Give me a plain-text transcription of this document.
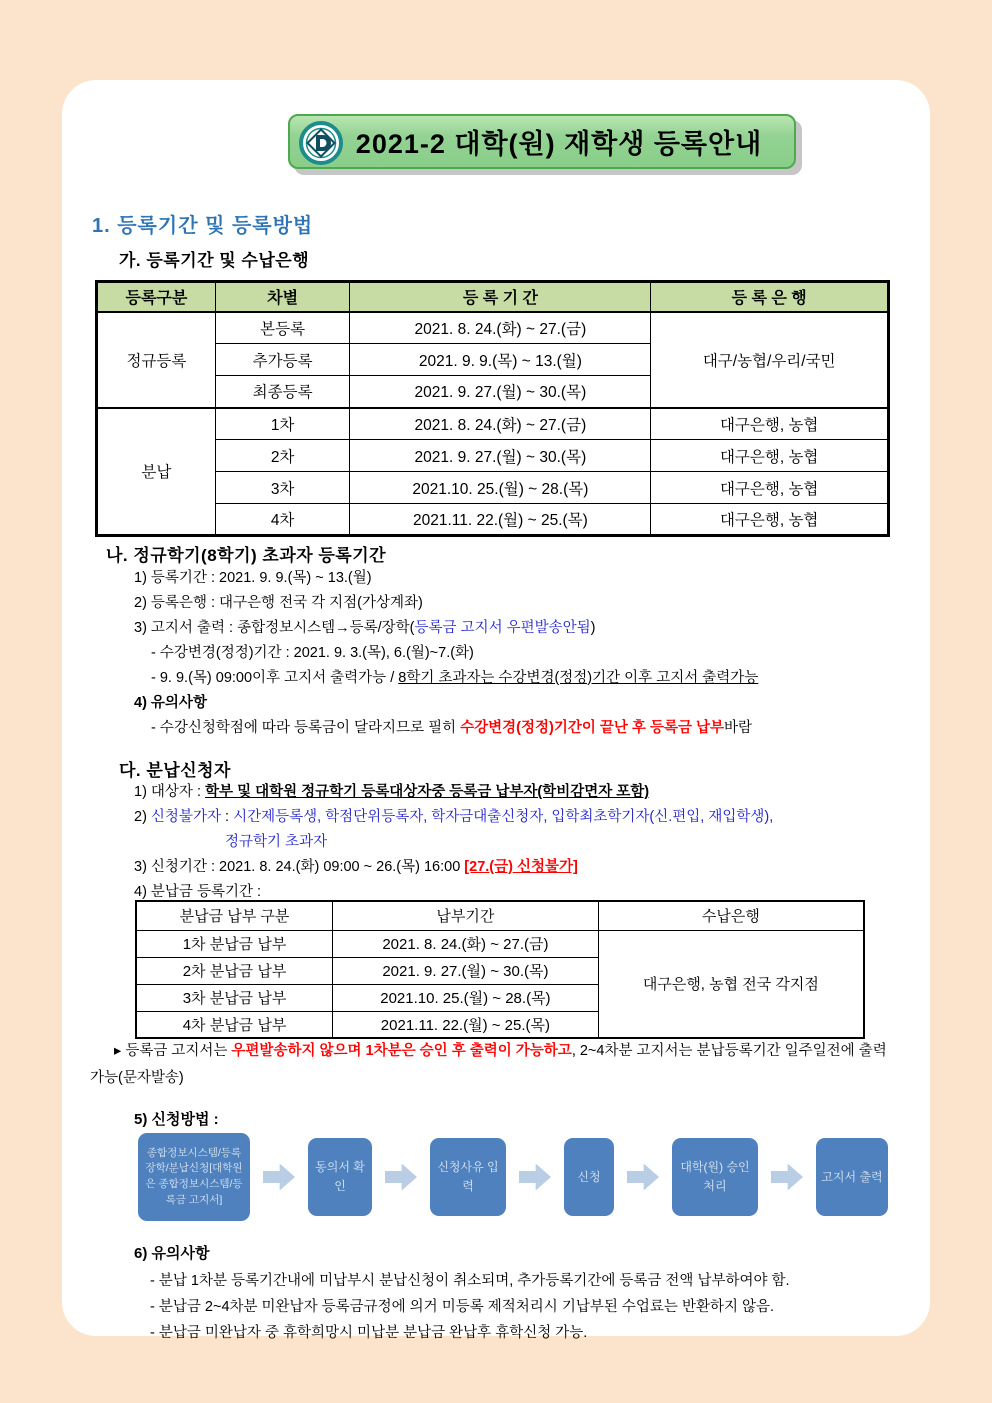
2021-2 대학(원) 재학생 등록안내
1. 등록기간 및 등록방법
가. 등록기간 및 수납은행
등록구분	차별	등 록 기 간	등 록 은 행
정규등록	본등록	2021. 8. 24.(화) ~ 27.(금)	대구/농협/우리/국민
	추가등록	2021. 9. 9.(목) ~ 13.(월)	
	최종등록	2021. 9. 27.(월) ~ 30.(목)	
분납	1차	2021. 8. 24.(화) ~ 27.(금)	대구은행, 농협
	2차	2021. 9. 27.(월) ~ 30.(목)	대구은행, 농협
	3차	2021.10. 25.(월) ~ 28.(목)	대구은행, 농협
	4차	2021.11. 22.(월) ~ 25.(목)	대구은행, 농협
나. 정규학기(8학기) 초과자 등록기간
1) 등록기간 : 2021. 9. 9.(목) ~ 13.(월)
2) 등록은행 : 대구은행 전국 각 지점(가상계좌)
3) 고지서 출력 : 종합정보시스템→등록/장학(등록금 고지서 우편발송안됨)
- 수강변경(정정)기간 : 2021. 9. 3.(목), 6.(월)~7.(화)
- 9. 9.(목) 09:00이후 고지서 출력가능 / 8학기 초과자는 수강변경(정정)기간 이후 고지서 출력가능
4) 유의사항
- 수강신청학점에 따라 등록금이 달라지므로 필히 수강변경(정정)기간이 끝난 후 등록금 납부바람
다. 분납신청자
1) 대상자 : 학부 및 대학원 정규학기 등록대상자중 등록금 납부자(학비감면자 포함)
2) 신청불가자 : 시간제등록생, 학점단위등록자, 학자금대출신청자, 입학최초학기자(신.편입, 재입학생),
정규학기 초과자
3) 신청기간 : 2021. 8. 24.(화) 09:00 ~ 26.(목) 16:00 [27.(금) 신청불가]
4) 분납금 등록기간 :
분납금 납부 구분	납부기간	수납은행
1차 분납금 납부	2021. 8. 24.(화) ~ 27.(금)	대구은행, 농협 전국 각지점
2차 분납금 납부	2021. 9. 27.(월) ~ 30.(목)	
3차 분납금 납부	2021.10. 25.(월) ~ 28.(목)	
4차 분납금 납부	2021.11. 22.(월) ~ 25.(목)	
▸ 등록금 고지서는 우편발송하지 않으며 1차분은 승인 후 출력이 가능하고, 2~4차분 고지서는 분납등록기간 일주일전에 출력 가능(문자발송)
5) 신청방법 :
종합정보시스템/등록장학/분납신청[대학원은 종합정보시스템/등록금 고지서]
동의서 확인
신청사유 입력
신청
대학(원) 승인처리
고지서 출력
6) 유의사항
- 분납 1차분 등록기간내에 미납부시 분납신청이 취소되며, 추가등록기간에 등록금 전액 납부하여야 함.
- 분납금 2~4차분 미완납자 등록금규정에 의거 미등록 제적처리시 기납부된 수업료는 반환하지 않음.
- 분납금 미완납자 중 휴학희망시 미납분 분납금 완납후 휴학신청 가능.
